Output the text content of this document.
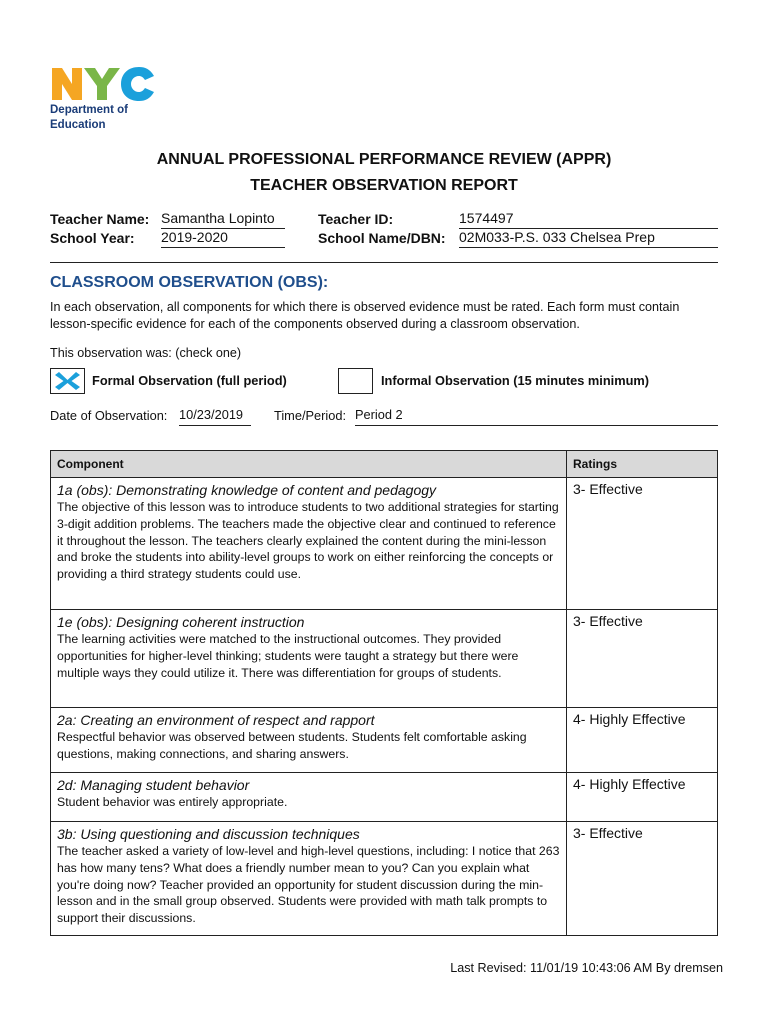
Department of
Education
ANNUAL PROFESSIONAL PERFORMANCE REVIEW (APPR)
TEACHER OBSERVATION REPORT
Teacher Name: Samantha Lopinto	Teacher ID:	1574497
School Year: 2019-2020	School Name/DBN: 02M033-P.S. 033 Chelsea Prep
CLASSROOM OBSERVATION (OBS):
In each observation, all components for which there is observed evidence must be rated. Each form must contain lesson-specific evidence for each of the components observed during a classroom observation.
This observation was: (check one)
Formal Observation (full period)	Informal Observation (15 minutes minimum)
Date of Observation: 10/23/2019	Time/Period: Period 2
Component	Ratings

1a (obs): Demonstrating knowledge of content and pedagogy
The objective of this lesson was to introduce students to two additional strategies for starting 3-digit addition problems. The teachers made the objective clear and continued to reference it throughout the lesson. The teachers clearly explained the content during the mini-lesson and broke the students into ability-level groups to work on either reinforcing the concepts or providing a third strategy students could use.	3- Effective

1e (obs): Designing coherent instruction
The learning activities were matched to the instructional outcomes. They provided opportunities for higher-level thinking; students were taught a strategy but there were multiple ways they could utilize it. There was differentiation for groups of students.	3- Effective

2a: Creating an environment of respect and rapport
Respectful behavior was observed between students. Students felt comfortable asking questions, making connections, and sharing answers.	4- Highly Effective

2d: Managing student behavior
Student behavior was entirely appropriate.	4- Highly Effective

3b: Using questioning and discussion techniques
The teacher asked a variety of low-level and high-level questions, including: I notice that 263 has how many tens? What does a friendly number mean to you? Can you explain what you're doing now? Teacher provided an opportunity for student discussion during the min-lesson and in the small group observed. Students were provided with math talk prompts to support their discussions.	3- Effective
Last Revised: 11/01/19 10:43:06 AM By dremsen
